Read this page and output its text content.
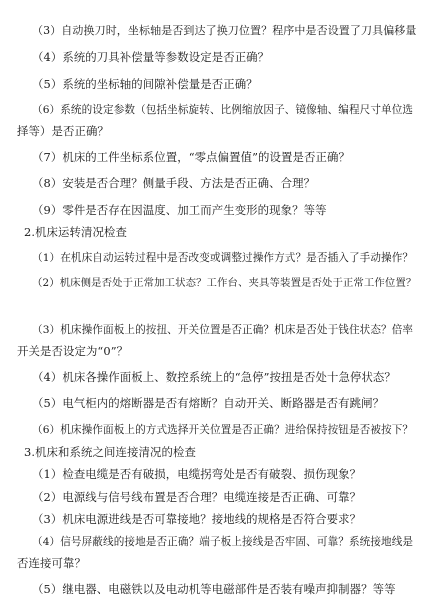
（3）自动换刀时，坐标轴是否到达了换刀位置？程序中是否设置了刀具偏移量
（4）系统的刀具补偿量等参数设定是否正确？
（5）系统的坐标轴的间隙补偿量是否正确？
（6）系统的设定参数（包括坐标旋转、比例缩放因子、镜像轴、编程尺寸单位选
择等）是否正确？
（7）机床的工件坐标系位置，“零点偏置值”的设置是否正确？
（8）安装是否合理？侧量手段、方法是否正确、合理？
（9）零件是否存在因温度、加工而产生变形的现象？等等
2.机床运转清况检查
（1）在机床自动运转过程中是否改变或调整过操作方式？是否插入了手动操作？
（2）机床侧是否处于正常加工状态？工作台、夹具等装置是否处于正常工作位置？
（3）机床操作面板上的按扭、开关位置是否正确？机床是否处于钱住状态？倍率
开关是否设定为“0”？
（4）机床各操作面板上、数控系统上的“急停”按扭是否处十急停状态？
（5）电气柜内的熔断器是否有熔断？自动开关、断路器是否有跳闸？
（6）机床操作面板上的方式选择开关位置是否正确？进给保持按钮是否被按下？
3.机床和系统之间连接清况的检查
（1）检查电缆是否有破损，电缆拐弯处是否有破裂、损伤现象？
（2）电源线与信号线布置是否合理？电缆连接是否正确、可靠？
（3）机床电源进线是否可靠接地？接地线的规格是否符合要求？
（4）信号屏蔽线的接地是否正确？端子板上接线是否牢固、可靠？系统接地线是
否连接可靠？
（5）继电器、电磁铁以及电动机等电磁部件是否装有噪声抑制器？等等
